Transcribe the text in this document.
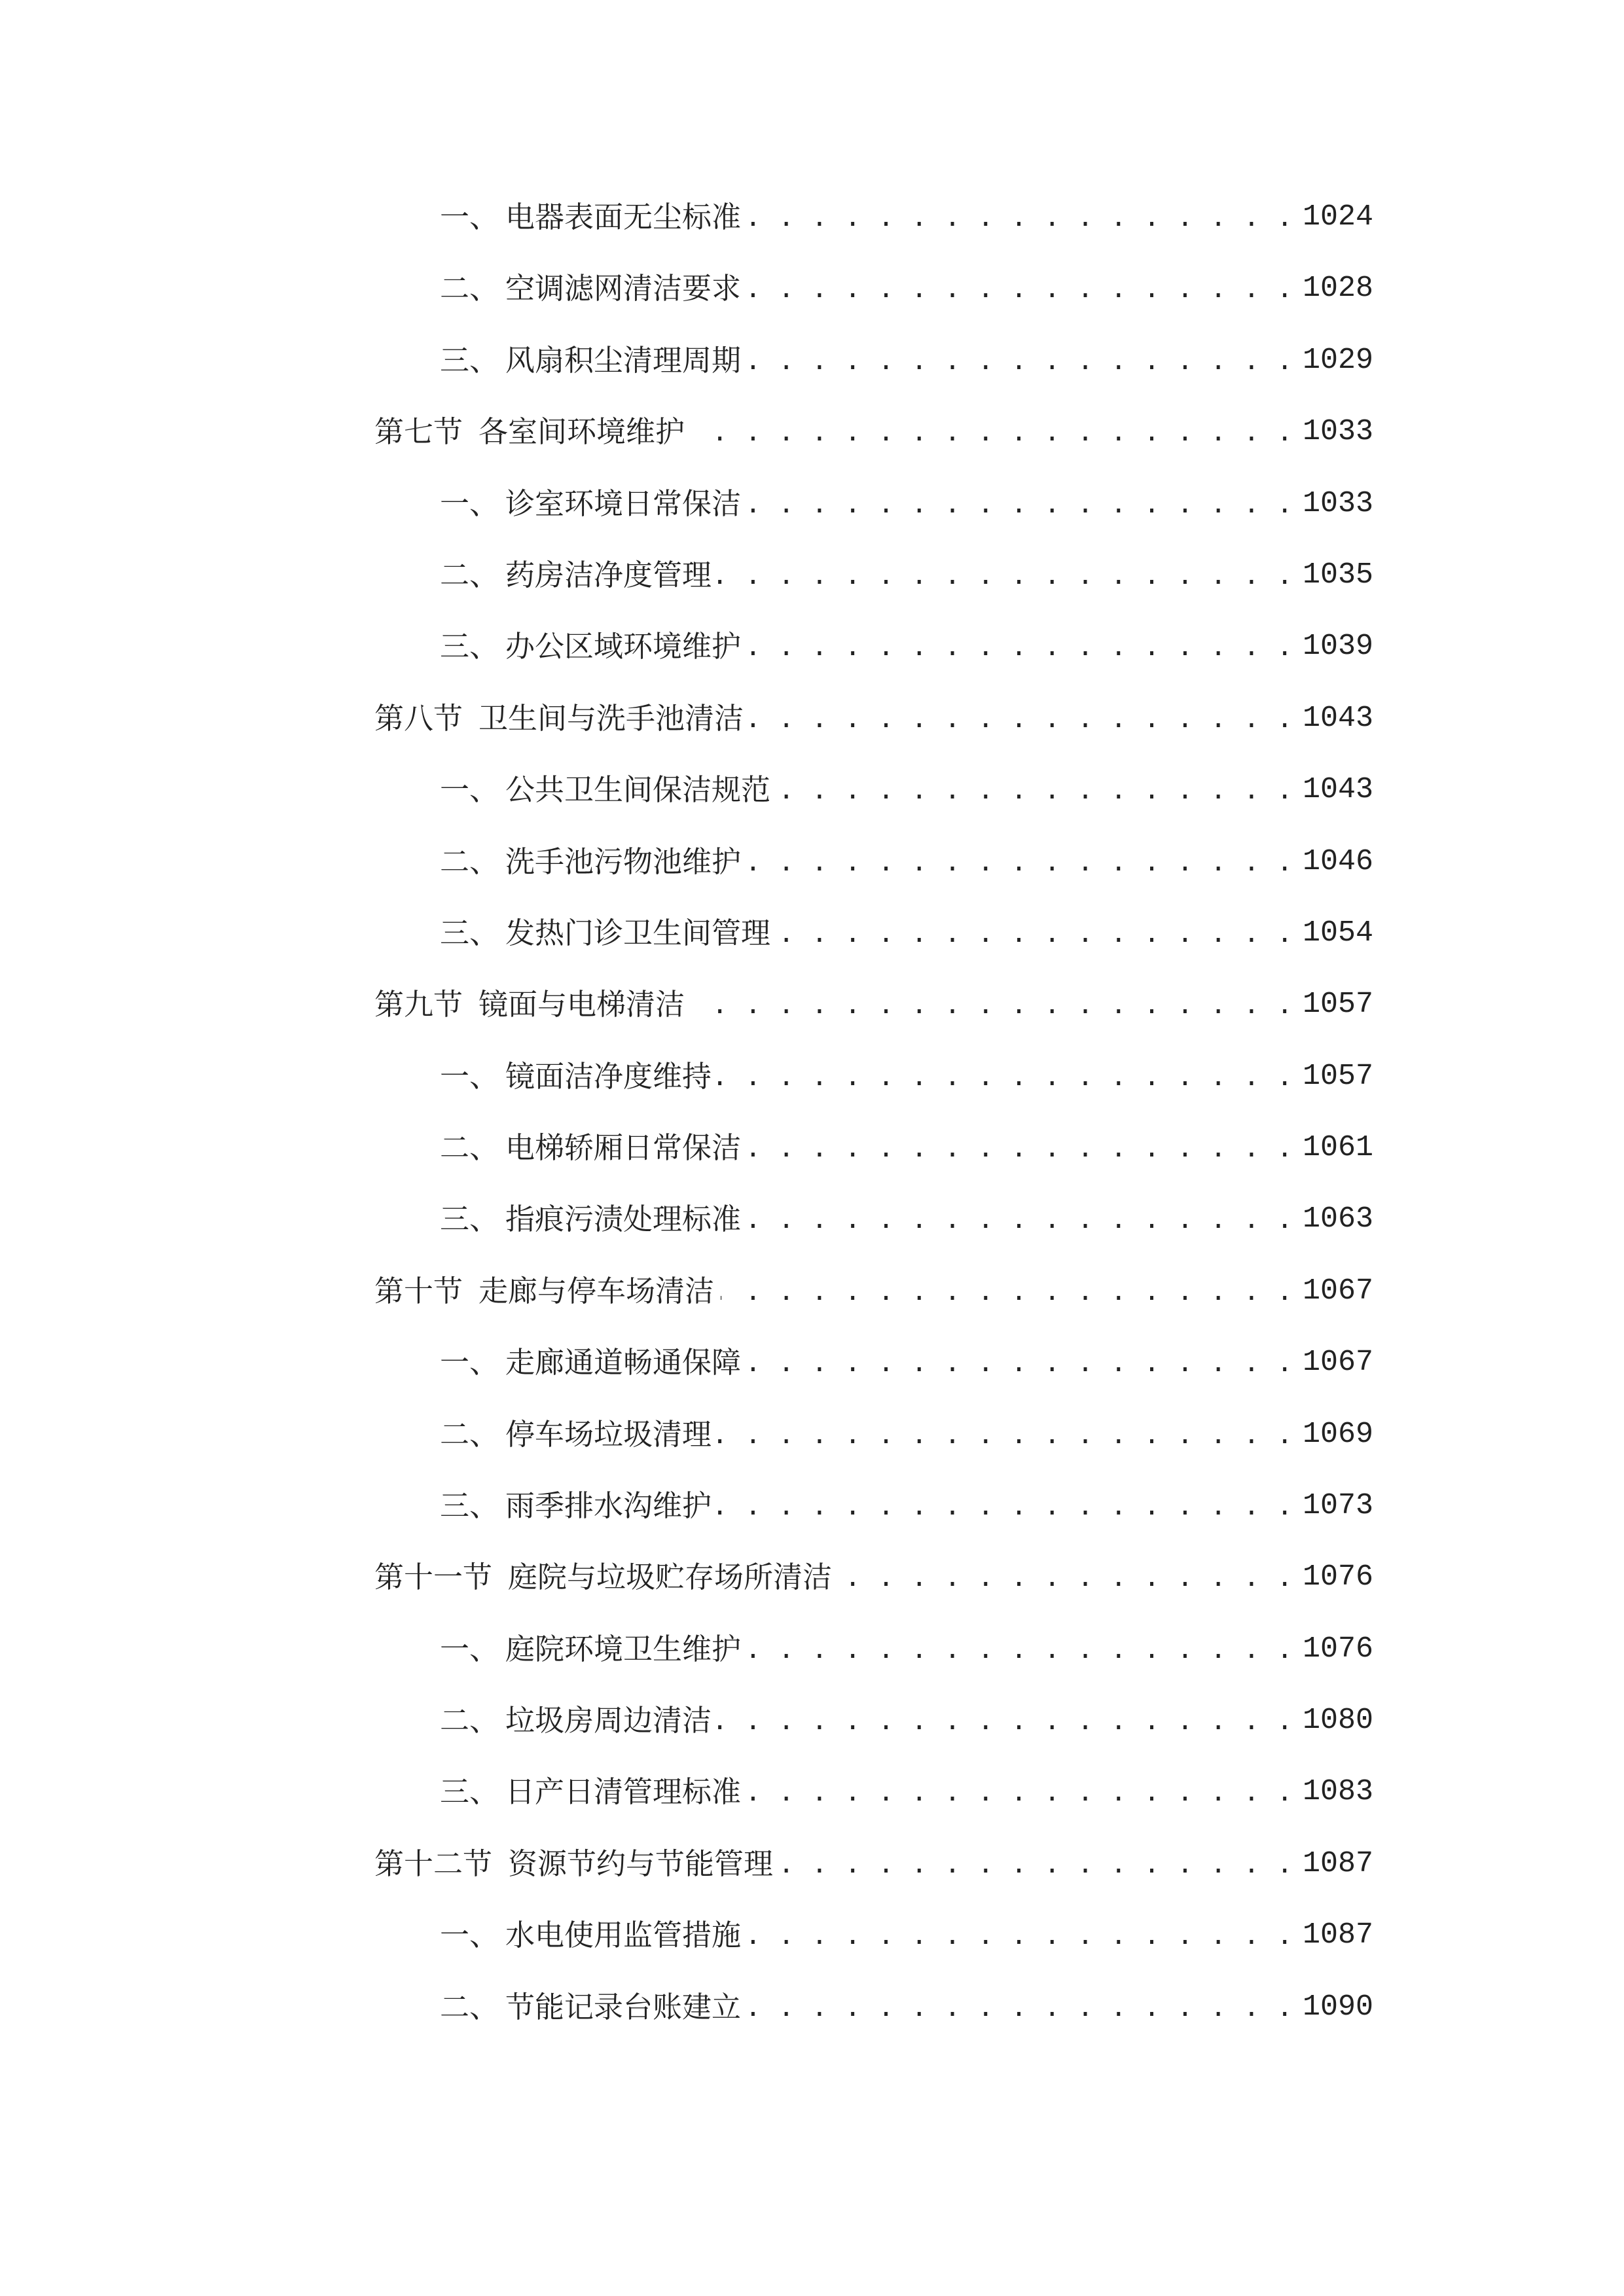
一、 电器表面无尘标准 . . .	1024
二、 空调滤网清洁要求 . . .	1028
三、 风扇积尘清理周期 . . .	1029
第七节 各室间环境维护 . . .	1033
一、 诊室环境日常保洁 . . .	1033
二、 药房洁净度管理 . . .	1035
三、 办公区域环境维护 . . .	1039
第八节 卫生间与洗手池清洁 . . .	1043
一、 公共卫生间保洁规范 . . .	1043
二、 洗手池污物池维护 . . .	1046
三、 发热门诊卫生间管理 . . .	1054
第九节 镜面与电梯清洁 . . .	1057
一、 镜面洁净度维持 . . .	1057
二、 电梯轿厢日常保洁 . . .	1061
三、 指痕污渍处理标准 . . .	1063
第十节 走廊与停车场清洁 . . .	1067
一、 走廊通道畅通保障 . . .	1067
二、 停车场垃圾清理 . . .	1069
三、 雨季排水沟维护 . . .	1073
第十一节 庭院与垃圾贮存场所清洁 . . .	1076
一、 庭院环境卫生维护 . . .	1076
二、 垃圾房周边清洁 . . .	1080
三、 日产日清管理标准 . . .	1083
第十二节 资源节约与节能管理 . . .	1087
一、 水电使用监管措施 . . .	1087
二、 节能记录台账建立 . . .	1090
